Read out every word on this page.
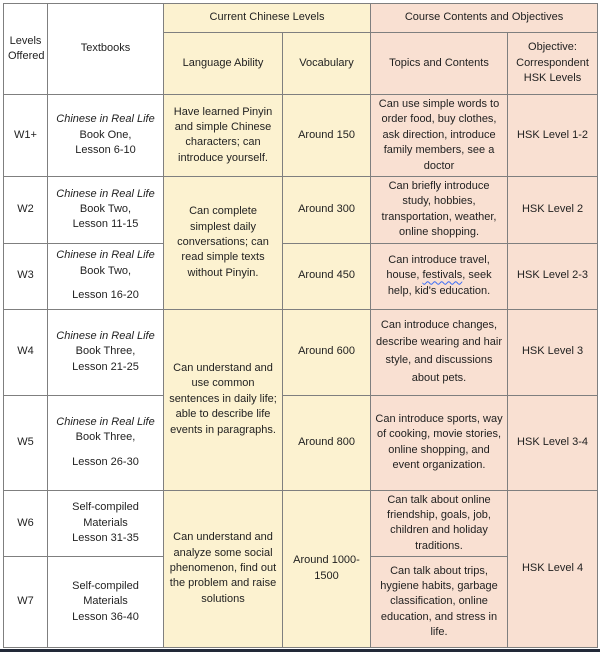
Levels Offered	Textbooks	Current Chinese Levels		Course Contents and Objectives	
		Language Ability	Vocabulary	Topics and Contents	Objective: Correspondent HSK Levels
W1+	Chinese in Real Life
Book One,
Lesson 6-10	Have learned Pinyin and simple Chinese characters; can introduce yourself.	Around 150	Can use simple words to order food, buy clothes, ask direction, introduce family members, see a doctor	HSK Level 1-2
W2	Chinese in Real Life
Book Two,
Lesson 11-15	Can complete simplest daily conversations; can read simple texts without Pinyin.	Around 300	Can briefly introduce study, hobbies, transportation, weather, online shopping.	HSK Level 2
W3	Chinese in Real Life
Book Two,
Lesson 16-20		Around 450	Can introduce travel, house, festivals, seek help, kid's education.	HSK Level 2-3
W4	Chinese in Real Life
Book Three,
Lesson 21-25	Can understand and use common sentences in daily life; able to describe life events in paragraphs.	Around 600	Can introduce changes, describe wearing and hair style, and discussions about pets.	HSK Level 3
W5	Chinese in Real Life
Book Three,
Lesson 26-30		Around 800	Can introduce sports, way of cooking, movie stories, online shopping, and event organization.	HSK Level 3-4
W6	Self-compiled Materials
Lesson 31-35	Can understand and analyze some social phenomenon, find out the problem and raise solutions	Around 1000-
1500	Can talk about online friendship, goals, job, children and holiday traditions.	HSK Level 4
W7	Self-compiled Materials
Lesson 36-40			Can talk about trips, hygiene habits, garbage classification, online education, and stress in life.	
